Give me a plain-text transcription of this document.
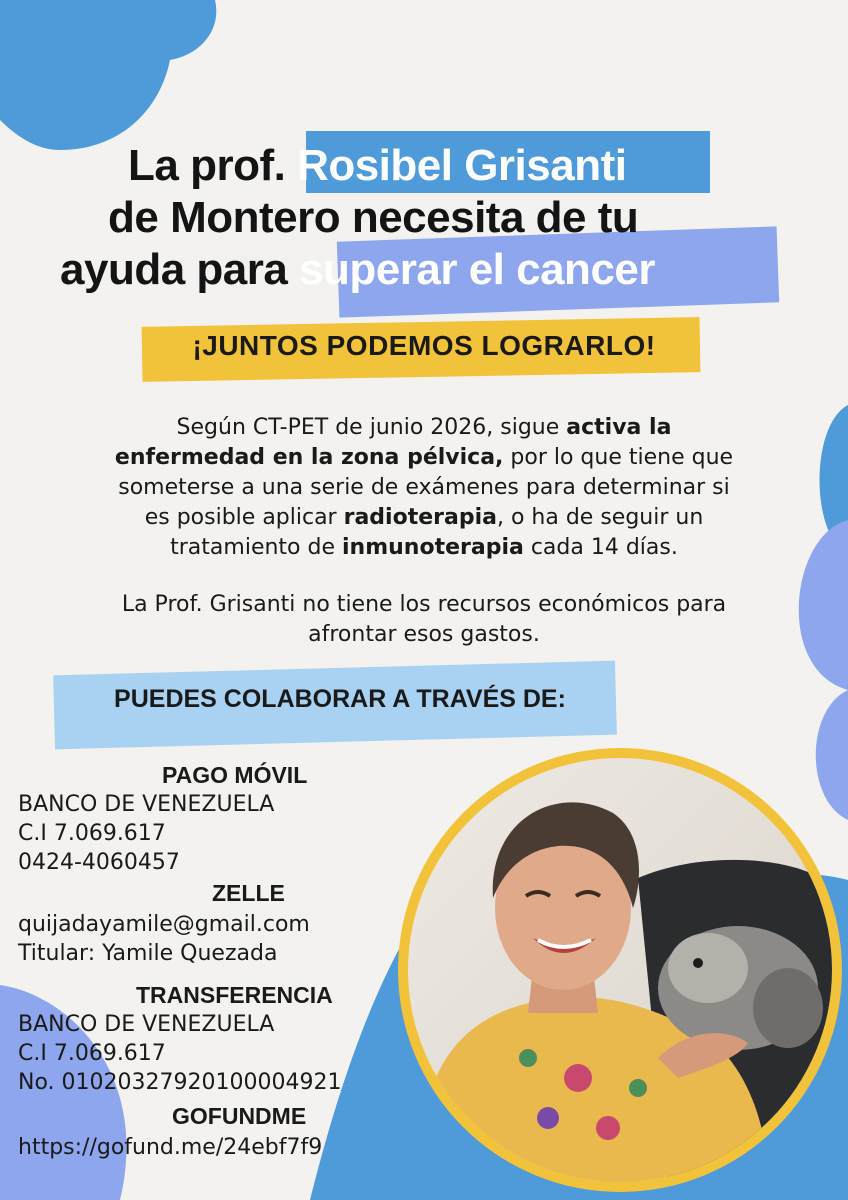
La prof. Rosibel Grisanti
de Montero necesita de tu
ayuda para superar el cancer
¡JUNTOS PODEMOS LOGRARLO!
Según CT-PET de junio 2026, sigue activa la
enfermedad en la zona pélvica, por lo que tiene que
someterse a una serie de exámenes para determinar si
es posible aplicar radioterapia, o ha de seguir un
tratamiento de inmunoterapia cada 14 días.
La Prof. Grisanti no tiene los recursos económicos para
afrontar esos gastos.
PUEDES COLABORAR A TRAVÉS DE:
PAGO MÓVIL
BANCO DE VENEZUELA
C.I 7.069.617
0424-4060457
ZELLE
quijadayamile@gmail.com
Titular: Yamile Quezada
TRANSFERENCIA
BANCO DE VENEZUELA
C.I 7.069.617
No. 01020327920100004921
GOFUNDME
https://gofund.me/24ebf7f9
